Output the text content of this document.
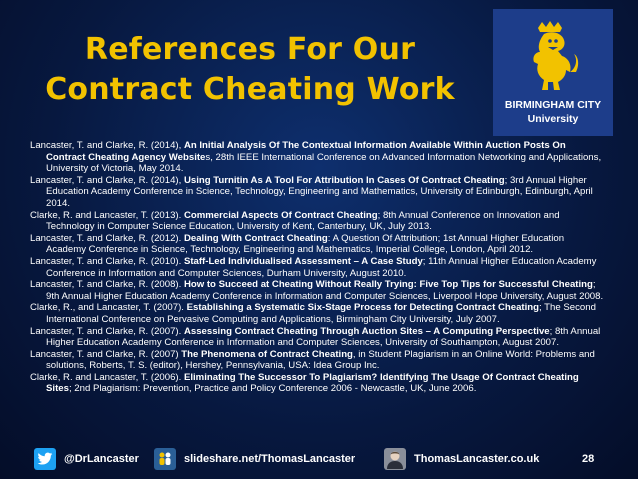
References For Our
Contract Cheating Work	BIRMINGHAM CITY
University

Lancaster, T. and Clarke, R. (2014), An Initial Analysis Of The Contextual Information Available Within Auction Posts On Contract Cheating Agency Websites, 28th IEEE International Conference on Advanced Information Networking and Applications, University of Victoria, May 2014.

Lancaster, T. and Clarke, R. (2014), Using Turnitin As A Tool For Attribution In Cases Of Contract Cheating; 3rd Annual Higher Education Academy Conference in Science, Technology, Engineering and Mathematics, University of Edinburgh, Edinburgh, April 2014.

Clarke, R. and Lancaster, T. (2013). Commercial Aspects Of Contract Cheating; 8th Annual Conference on Innovation and Technology in Computer Science Education, University of Kent, Canterbury, UK, July 2013.

Lancaster, T. and Clarke, R. (2012). Dealing With Contract Cheating: A Question Of Attribution; 1st Annual Higher Education Academy Conference in Science, Technology, Engineering and Mathematics, Imperial College, London, April 2012.

Lancaster, T. and Clarke, R. (2010). Staff-Led Individualised Assessment – A Case Study; 11th Annual Higher Education Academy Conference in Information and Computer Sciences, Durham University, August 2010.

Lancaster, T. and Clarke, R. (2008). How to Succeed at Cheating Without Really Trying: Five Top Tips for Successful Cheating; 9th Annual Higher Education Academy Conference in Information and Computer Sciences, Liverpool Hope University, August 2008.

Clarke, R., and Lancaster, T. (2007). Establishing a Systematic Six-Stage Process for Detecting Contract Cheating; The Second International Conference on Pervasive Computing and Applications, Birmingham City University, July 2007.

Lancaster, T. and Clarke, R. (2007). Assessing Contract Cheating Through Auction Sites – A Computing Perspective; 8th Annual Higher Education Academy Conference in Information and Computer Sciences, University of Southampton, August 2007.

Lancaster, T. and Clarke, R. (2007) The Phenomena of Contract Cheating, in Student Plagiarism in an Online World: Problems and solutions, Roberts, T. S. (editor), Hershey, Pennsylvania, USA: Idea Group Inc.

Clarke, R. and Lancaster, T. (2006). Eliminating The Successor To Plagiarism? Identifying The Usage Of Contract Cheating Sites; 2nd Plagiarism: Prevention, Practice and Policy Conference 2006 - Newcastle, UK, June 2006.

@DrLancaster	slideshare.net/ThomasLancaster	ThomasLancaster.co.uk	28
